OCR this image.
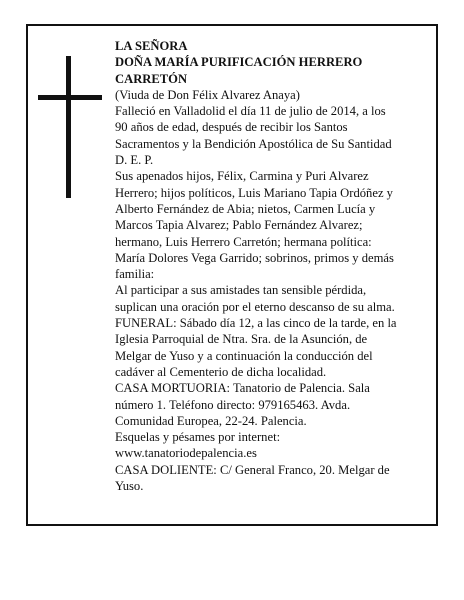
LA SEÑORA

DOÑA MARÍA PURIFICACIÓN HERRERO

CARRETÓN

(Viuda de Don Félix Alvarez Anaya)

Falleció en Valladolid el día 11 de julio de 2014, a los

90 años de edad, después de recibir los Santos

Sacramentos y la Bendición Apostólica de Su Santidad

D. E. P.

Sus apenados hijos, Félix, Carmina y Puri Alvarez

Herrero; hijos políticos, Luis Mariano Tapia Ordóñez y

Alberto Fernández de Abia; nietos, Carmen Lucía y

Marcos Tapia Alvarez; Pablo Fernández Alvarez;

hermano, Luis Herrero Carretón; hermana política:

María Dolores Vega Garrido; sobrinos, primos y demás

familia:

Al participar a sus amistades tan sensible pérdida,

suplican una oración por el eterno descanso de su alma.

FUNERAL: Sábado día 12, a las cinco de la tarde, en la

Iglesia Parroquial de Ntra. Sra. de la Asunción, de

Melgar de Yuso y a continuación la conducción del

cadáver al Cementerio de dicha localidad.

CASA MORTUORIA: Tanatorio de Palencia. Sala

número 1. Teléfono directo: 979165463. Avda.

Comunidad Europea, 22-24. Palencia.

Esquelas y pésames por internet:

www.tanatoriodepalencia.es

CASA DOLIENTE: C/ General Franco, 20. Melgar de

Yuso.
